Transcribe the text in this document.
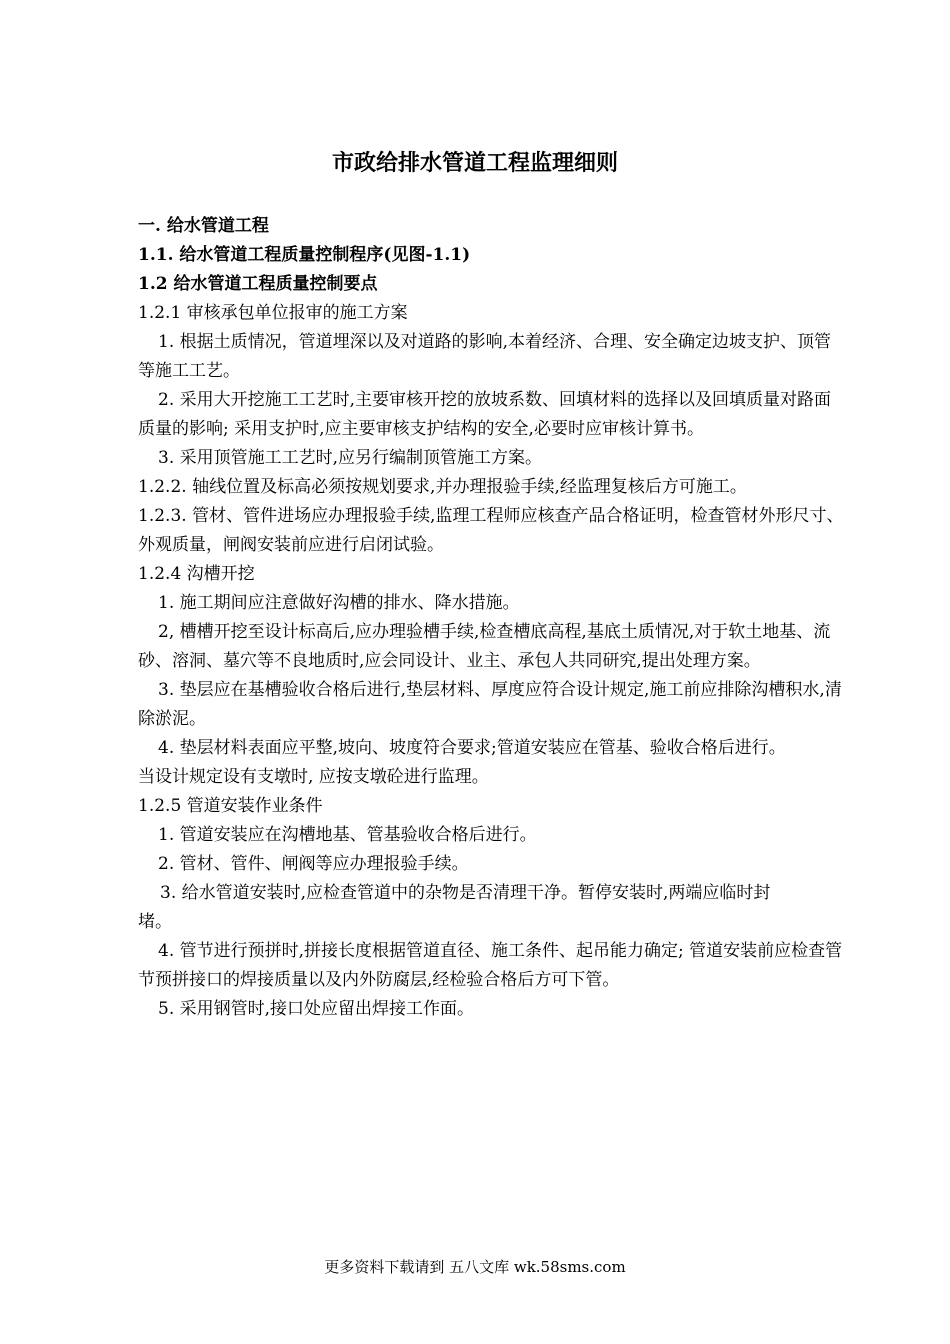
市政给排水管道工程监理细则

一. 给水管道工程

1.1. 给水管道工程质量控制程序(见图-1.1)

1.2 给水管道工程质量控制要点

1.2.1 审核承包单位报审的施工方案

1. 根据土质情况，管道埋深以及对道路的影响,本着经济、合理、安全确定边坡支护、顶管等施工工艺。

2. 采用大开挖施工工艺时,主要审核开挖的放坡系数、回填材料的选择以及回填质量对路面质量的影响; 采用支护时,应主要审核支护结构的安全,必要时应审核计算书。

3. 采用顶管施工工艺时,应另行编制顶管施工方案。

1.2.2. 轴线位置及标高必须按规划要求,并办理报验手续,经监理复核后方可施工。

1.2.3. 管材、管件进场应办理报验手续,监理工程师应核查产品合格证明，检查管材外形尺寸、外观质量，闸阀安装前应进行启闭试验。

1.2.4 沟槽开挖

1. 施工期间应注意做好沟槽的排水、降水措施。

2, 槽槽开挖至设计标高后,应办理验槽手续,检查槽底高程,基底土质情况,对于软土地基、流砂、溶洞、墓穴等不良地质时,应会同设计、业主、承包人共同研究,提出处理方案。

3. 垫层应在基槽验收合格后进行,垫层材料、厚度应符合设计规定,施工前应排除沟槽积水,清除淤泥。

4. 垫层材料表面应平整,坡向、坡度符合要求;管道安装应在管基、验收合格后进行。

当设计规定设有支墩时, 应按支墩砼进行监理。

1.2.5 管道安装作业条件

1. 管道安装应在沟槽地基、管基验收合格后进行。

2. 管材、管件、闸阀等应办理报验手续。

3. 给水管道安装时,应检查管道中的杂物是否清理干净。暂停安装时,两端应临时封

堵。

4. 管节进行预拼时,拼接长度根据管道直径、施工条件、起吊能力确定; 管道安装前应检查管节预拼接口的焊接质量以及内外防腐层,经检验合格后方可下管。

5. 采用钢管时,接口处应留出焊接工作面。

更多资料下载请到 五八文库 wk.58sms.com
